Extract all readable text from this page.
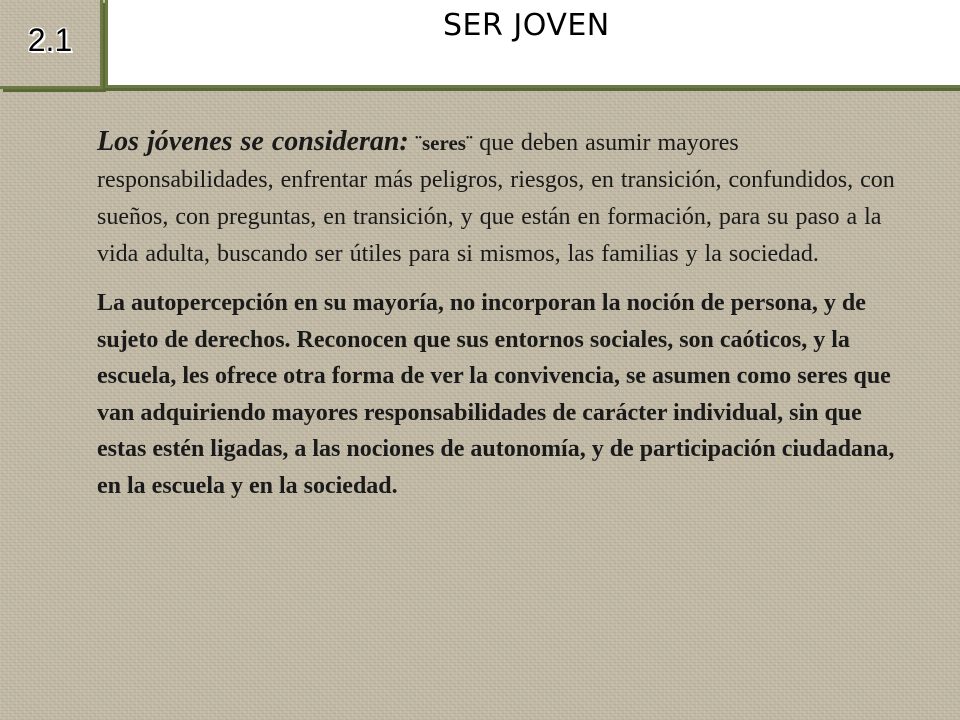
2.1	SER JOVEN

Los jóvenes se consideran: ¨seres¨ que deben asumir mayores responsabilidades, enfrentar más peligros, riesgos, en transición, confundidos, con sueños, con preguntas, en transición, y que están en formación, para su paso a la vida adulta, buscando ser útiles para si mismos, las familias y la sociedad.

La autopercepción en su mayoría, no incorporan la noción de persona, y de sujeto de derechos. Reconocen que sus entornos sociales, son caóticos, y la escuela, les ofrece otra forma de ver la convivencia, se asumen como seres que van adquiriendo mayores responsabilidades de carácter individual, sin que estas estén ligadas, a las nociones de autonomía, y de participación ciudadana, en la escuela y en la sociedad.
